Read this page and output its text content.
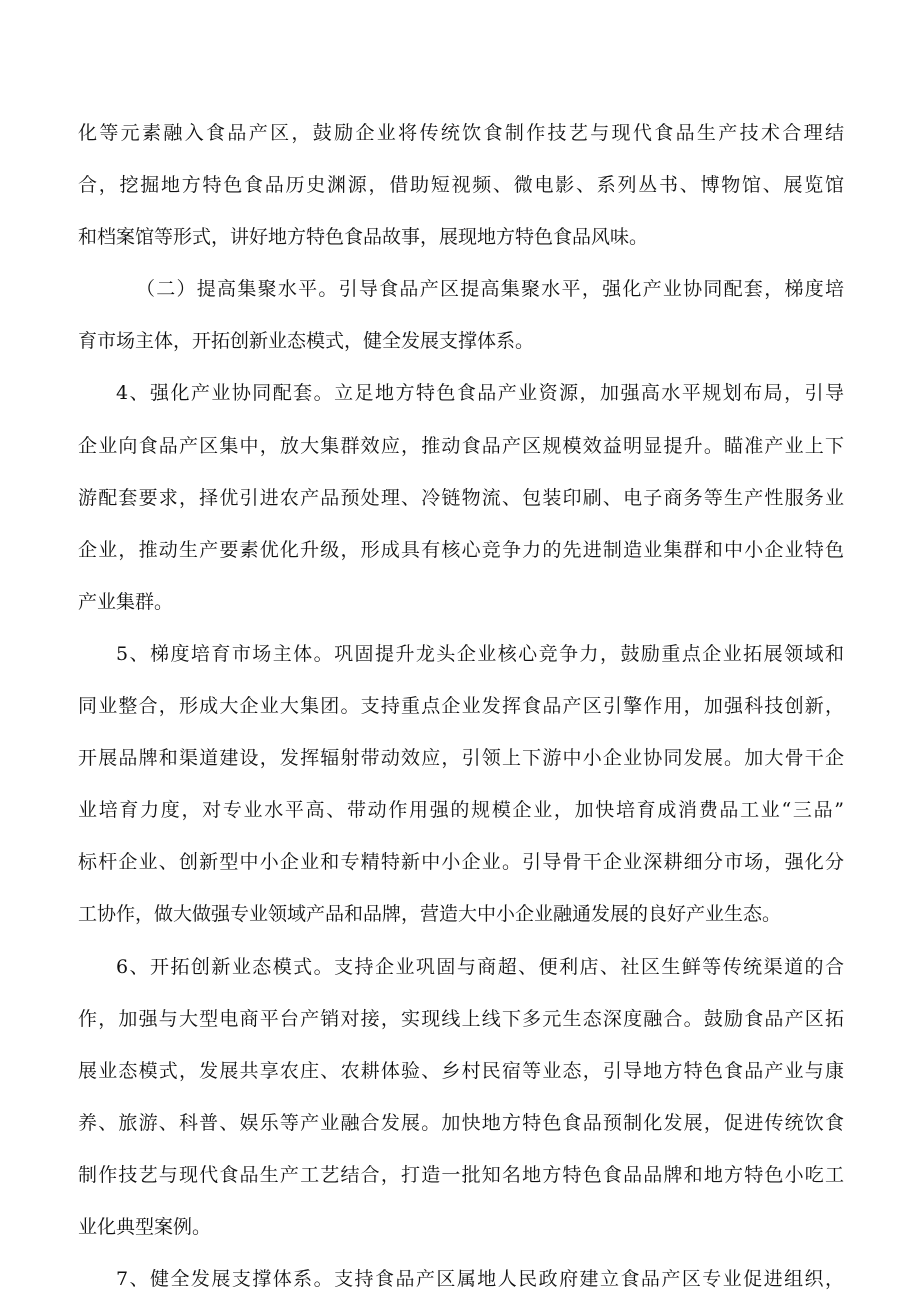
化等元素融入食品产区，鼓励企业将传统饮食制作技艺与现代食品生产技术合理结
合，挖掘地方特色食品历史渊源，借助短视频、微电影、系列丛书、博物馆、展览馆
和档案馆等形式，讲好地方特色食品故事，展现地方特色食品风味。
（二）提高集聚水平。引导食品产区提高集聚水平，强化产业协同配套，梯度培
育市场主体，开拓创新业态模式，健全发展支撑体系。
4、强化产业协同配套。立足地方特色食品产业资源，加强高水平规划布局，引导
企业向食品产区集中，放大集群效应，推动食品产区规模效益明显提升。瞄准产业上下
游配套要求，择优引进农产品预处理、冷链物流、包装印刷、电子商务等生产性服务业
企业，推动生产要素优化升级，形成具有核心竞争力的先进制造业集群和中小企业特色
产业集群。
5、梯度培育市场主体。巩固提升龙头企业核心竞争力，鼓励重点企业拓展领域和
同业整合，形成大企业大集团。支持重点企业发挥食品产区引擎作用，加强科技创新，
开展品牌和渠道建设，发挥辐射带动效应，引领上下游中小企业协同发展。加大骨干企
业培育力度，对专业水平高、带动作用强的规模企业，加快培育成消费品工业“三品”
标杆企业、创新型中小企业和专精特新中小企业。引导骨干企业深耕细分市场，强化分
工协作，做大做强专业领域产品和品牌，营造大中小企业融通发展的良好产业生态。
6、开拓创新业态模式。支持企业巩固与商超、便利店、社区生鲜等传统渠道的合
作，加强与大型电商平台产销对接，实现线上线下多元生态深度融合。鼓励食品产区拓
展业态模式，发展共享农庄、农耕体验、乡村民宿等业态，引导地方特色食品产业与康
养、旅游、科普、娱乐等产业融合发展。加快地方特色食品预制化发展，促进传统饮食
制作技艺与现代食品生产工艺结合，打造一批知名地方特色食品品牌和地方特色小吃工
业化典型案例。
7、健全发展支撑体系。支持食品产区属地人民政府建立食品产区专业促进组织，
